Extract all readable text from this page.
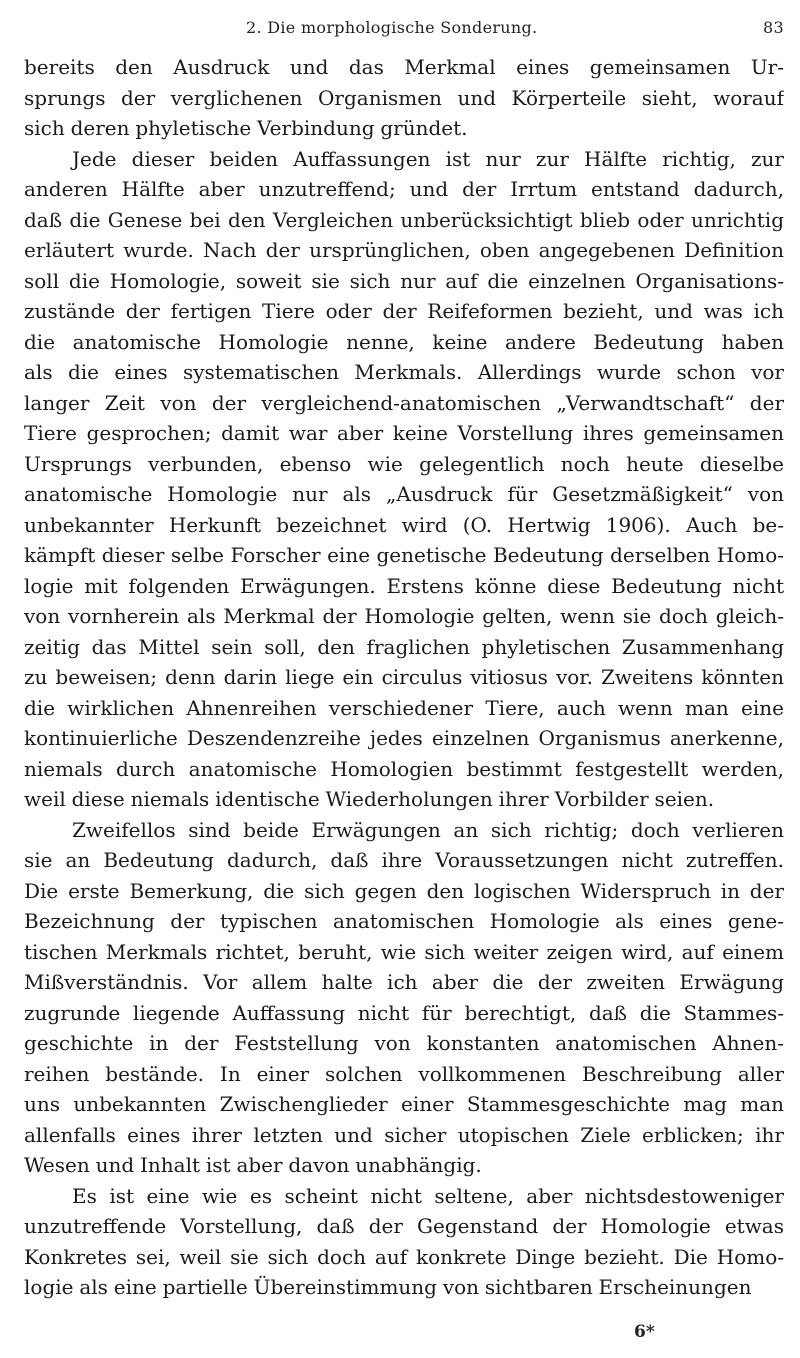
2. Die morphologische Sonderung.	83
bereits den Ausdruck und das Merkmal eines gemeinsamen Ur-
sprungs der verglichenen Organismen und Körperteile sieht, worauf
sich deren phyletische Verbindung gründet.
Jede dieser beiden Auffassungen ist nur zur Hälfte richtig, zur
anderen Hälfte aber unzutreffend; und der Irrtum entstand dadurch,
daß die Genese bei den Vergleichen unberücksichtigt blieb oder unrichtig
erläutert wurde. Nach der ursprünglichen, oben angegebenen Definition
soll die Homologie, soweit sie sich nur auf die einzelnen Organisations-
zustände der fertigen Tiere oder der Reifeformen bezieht, und was ich
die anatomische Homologie nenne, keine andere Bedeutung haben
als die eines systematischen Merkmals. Allerdings wurde schon vor
langer Zeit von der vergleichend-anatomischen „Verwandtschaft“ der
Tiere gesprochen; damit war aber keine Vorstellung ihres gemeinsamen
Ursprungs verbunden, ebenso wie gelegentlich noch heute dieselbe
anatomische Homologie nur als „Ausdruck für Gesetzmäßigkeit“ von
unbekannter Herkunft bezeichnet wird (O. Hertwig 1906). Auch be-
kämpft dieser selbe Forscher eine genetische Bedeutung derselben Homo-
logie mit folgenden Erwägungen. Erstens könne diese Bedeutung nicht
von vornherein als Merkmal der Homologie gelten, wenn sie doch gleich-
zeitig das Mittel sein soll, den fraglichen phyletischen Zusammenhang
zu beweisen; denn darin liege ein circulus vitiosus vor. Zweitens könnten
die wirklichen Ahnenreihen verschiedener Tiere, auch wenn man eine
kontinuierliche Deszendenzreihe jedes einzelnen Organismus anerkenne,
niemals durch anatomische Homologien bestimmt festgestellt werden,
weil diese niemals identische Wiederholungen ihrer Vorbilder seien.
Zweifellos sind beide Erwägungen an sich richtig; doch verlieren
sie an Bedeutung dadurch, daß ihre Voraussetzungen nicht zutreffen.
Die erste Bemerkung, die sich gegen den logischen Widerspruch in der
Bezeichnung der typischen anatomischen Homologie als eines gene-
tischen Merkmals richtet, beruht, wie sich weiter zeigen wird, auf einem
Mißverständnis. Vor allem halte ich aber die der zweiten Erwägung
zugrunde liegende Auffassung nicht für berechtigt, daß die Stammes-
geschichte in der Feststellung von konstanten anatomischen Ahnen-
reihen bestände. In einer solchen vollkommenen Beschreibung aller
uns unbekannten Zwischenglieder einer Stammesgeschichte mag man
allenfalls eines ihrer letzten und sicher utopischen Ziele erblicken; ihr
Wesen und Inhalt ist aber davon unabhängig.
Es ist eine wie es scheint nicht seltene, aber nichtsdestoweniger
unzutreffende Vorstellung, daß der Gegenstand der Homologie etwas
Konkretes sei, weil sie sich doch auf konkrete Dinge bezieht. Die Homo-
logie als eine partielle Übereinstimmung von sichtbaren Erscheinungen
6*
